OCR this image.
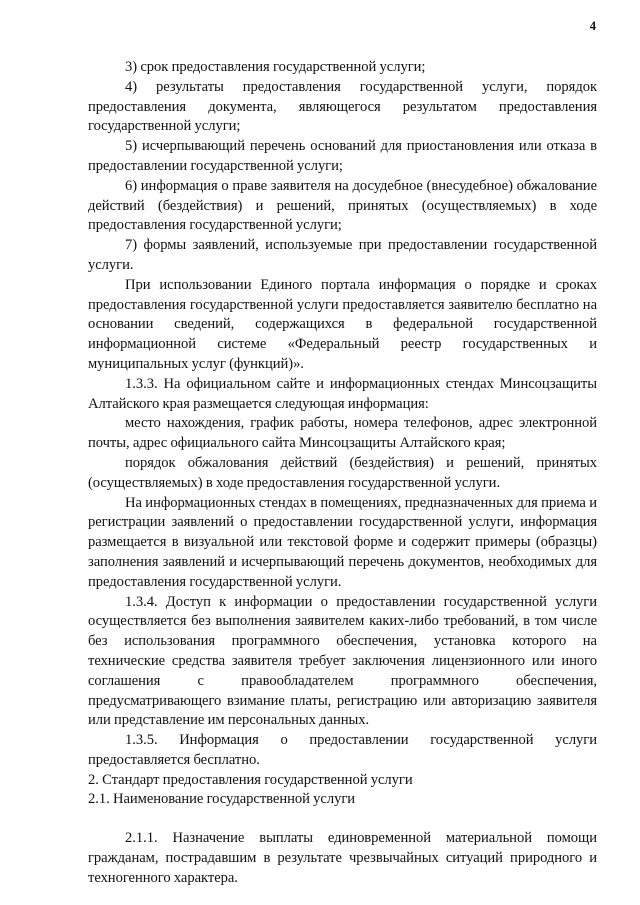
4

3) срок предоставления государственной услуги;

4) результаты предоставления государственной услуги, порядок предоставления документа, являющегося результатом предоставления государственной услуги;

5) исчерпывающий перечень оснований для приостановления или отказа в предоставлении государственной услуги;

6) информация о праве заявителя на досудебное (внесудебное) обжалование действий (бездействия) и решений, принятых (осуществляемых) в ходе предоставления государственной услуги;

7) формы заявлений, используемые при предоставлении государственной услуги.

При использовании Единого портала информация о порядке и сроках предоставления государственной услуги предоставляется заявителю бесплатно на основании сведений, содержащихся в федеральной государственной информационной системе «Федеральный реестр государственных и муниципальных услуг (функций)».

1.3.3. На официальном сайте и информационных стендах Минсоцзащиты Алтайского края размещается следующая информация:

место нахождения, график работы, номера телефонов, адрес электронной почты, адрес официального сайта Минсоцзащиты Алтайского края;

порядок обжалования действий (бездействия) и решений, принятых (осуществляемых) в ходе предоставления государственной услуги.

На информационных стендах в помещениях, предназначенных для приема и регистрации заявлений о предоставлении государственной услуги, информация размещается в визуальной или текстовой форме и содержит примеры (образцы) заполнения заявлений и исчерпывающий перечень документов, необходимых для предоставления государственной услуги.

1.3.4. Доступ к информации о предоставлении государственной услуги осуществляется без выполнения заявителем каких-либо требований, в том числе без использования программного обеспечения, установка которого на технические средства заявителя требует заключения лицензионного или иного соглашения с правообладателем программного обеспечения, предусматривающего взимание платы, регистрацию или авторизацию заявителя или представление им персональных данных.

1.3.5. Информация о предоставлении государственной услуги предоставляется бесплатно.

2. Стандарт предоставления государственной услуги

2.1. Наименование государственной услуги

2.1.1. Назначение выплаты единовременной материальной помощи гражданам, пострадавшим в результате чрезвычайных ситуаций природного и техногенного характера.
